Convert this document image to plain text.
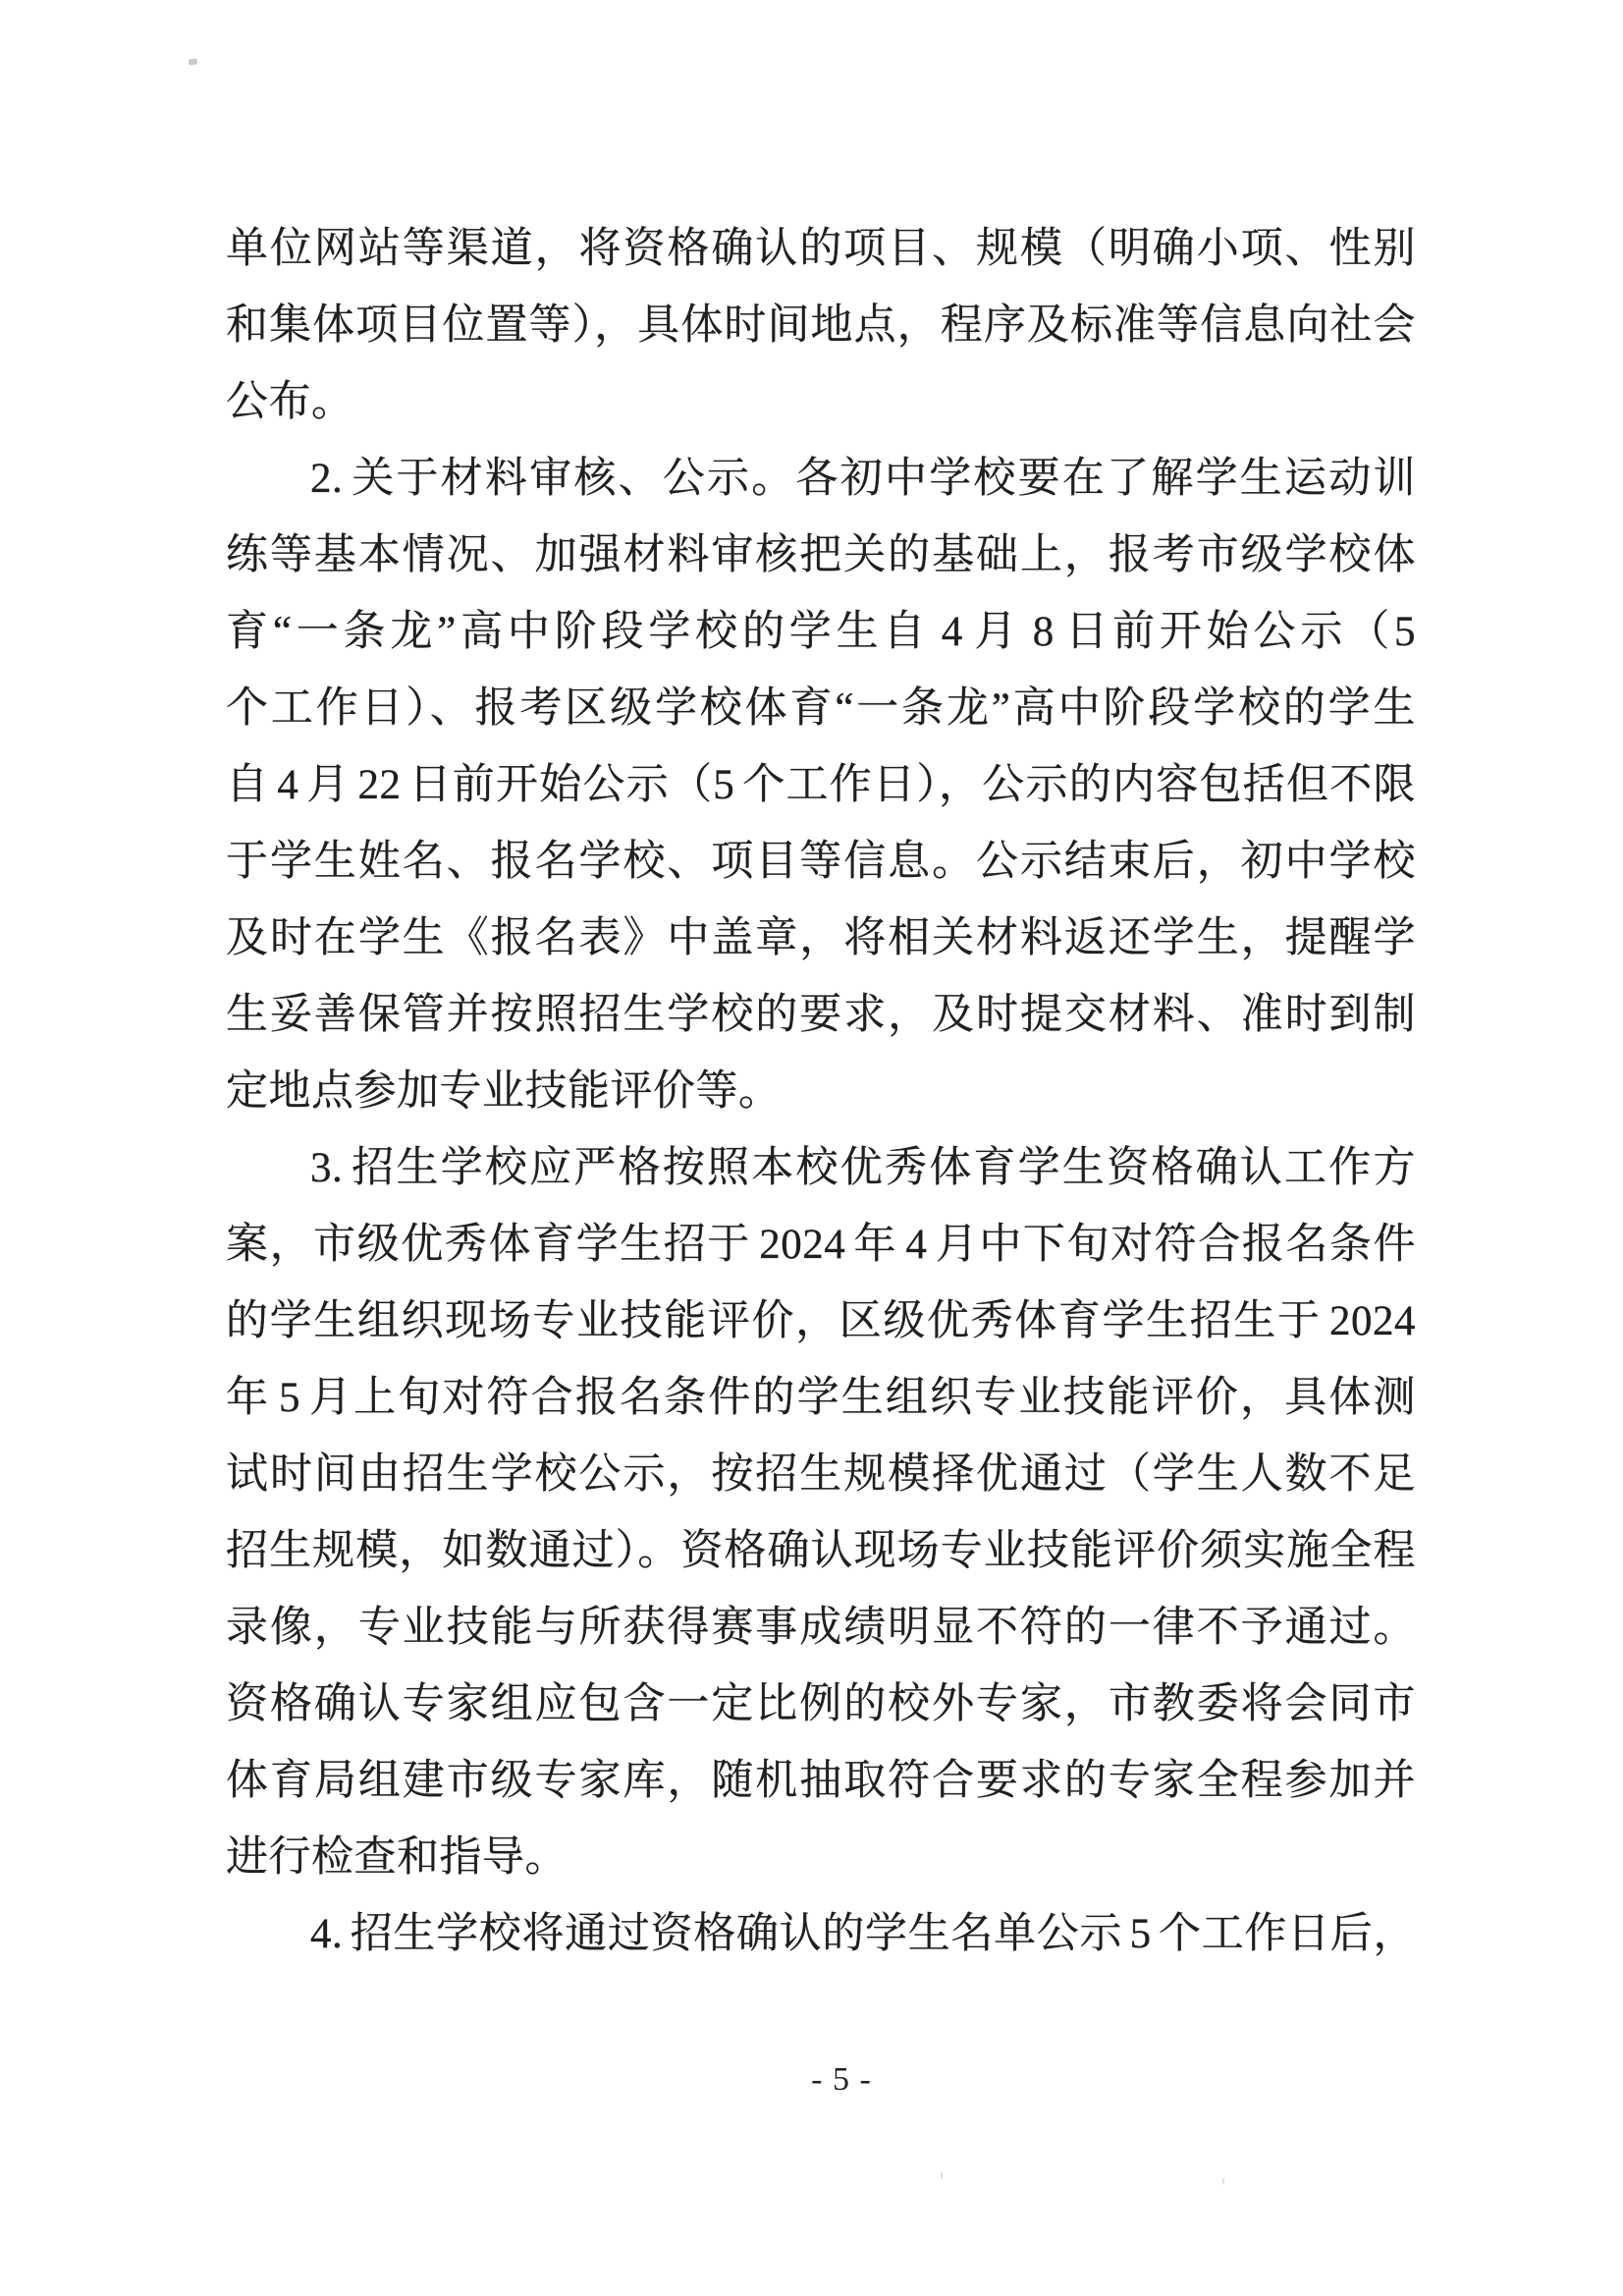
单位网站等渠道，将资格确认的项目、规模（明确小项、性别
和集体项目位置等），具体时间地点，程序及标准等信息向社会
公布。
2. 关于材料审核、公示。各初中学校要在了解学生运动训
练等基本情况、加强材料审核把关的基础上，报考市级学校体
育“一条龙”高中阶段学校的学生自 4 月 8 日前开始公示（5
个工作日）、报考区级学校体育“一条龙”高中阶段学校的学生
自 4 月 22 日前开始公示（5 个工作日），公示的内容包括但不限
于学生姓名、报名学校、项目等信息。公示结束后，初中学校
及时在学生《报名表》中盖章，将相关材料返还学生，提醒学
生妥善保管并按照招生学校的要求，及时提交材料、准时到制
定地点参加专业技能评价等。
3. 招生学校应严格按照本校优秀体育学生资格确认工作方
案，市级优秀体育学生招于 2024 年 4 月中下旬对符合报名条件
的学生组织现场专业技能评价，区级优秀体育学生招生于 2024
年 5 月上旬对符合报名条件的学生组织专业技能评价，具体测
试时间由招生学校公示，按招生规模择优通过（学生人数不足
招生规模，如数通过）。资格确认现场专业技能评价须实施全程
录像，专业技能与所获得赛事成绩明显不符的一律不予通过。
资格确认专家组应包含一定比例的校外专家，市教委将会同市
体育局组建市级专家库，随机抽取符合要求的专家全程参加并
进行检查和指导。
4. 招生学校将通过资格确认的学生名单公示 5 个工作日后，
- 5 -
